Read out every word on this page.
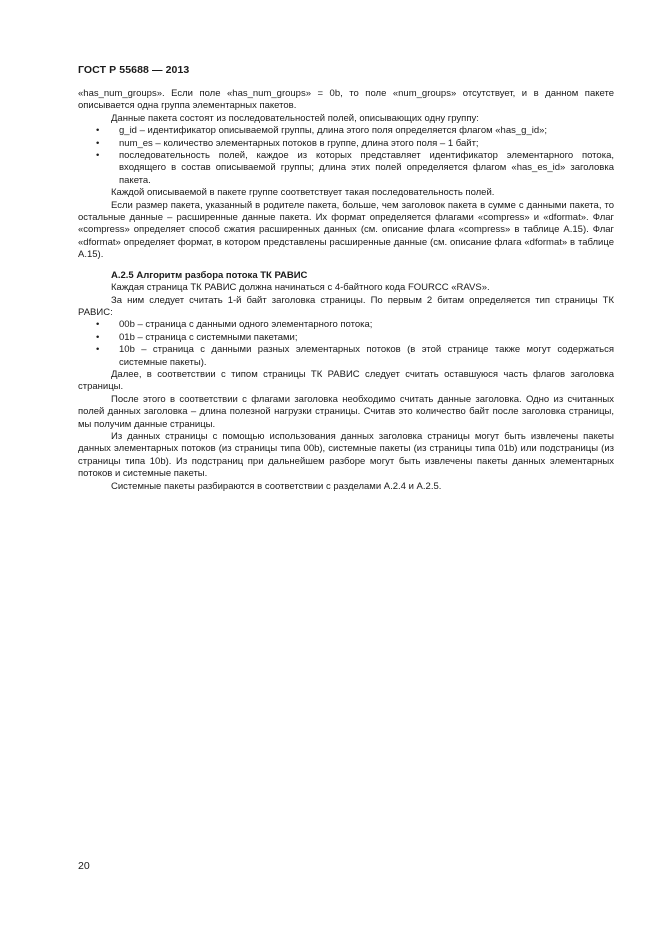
ГОСТ Р 55688 — 2013

«has_num_groups». Если поле «has_num_groups» = 0b, то поле «num_groups» отсутствует, и в данном пакете описывается одна группа элементарных пакетов.

Данные пакета состоят из последовательностей полей, описывающих одну группу:

• g_id – идентификатор описываемой группы, длина этого поля определяется флагом «has_g_id»;
• num_es – количество элементарных потоков в группе, длина этого поля – 1 байт;
• последовательность полей, каждое из которых представляет идентификатор элементарного потока, входящего в состав описываемой группы; длина этих полей определяется флагом «has_es_id» заголовка пакета.

Каждой описываемой в пакете группе соответствует такая последовательность полей.

Если размер пакета, указанный в родителе пакета, больше, чем заголовок пакета в сумме с данными пакета, то остальные данные – расширенные данные пакета. Их формат определяется флагами «compress» и «dformat». Флаг «compress» определяет способ сжатия расширенных данных (см. описание флага «compress» в таблице А.15). Флаг «dformat» определяет формат, в котором представлены расширенные данные (см. описание флага «dformat» в таблице А.15).

А.2.5 Алгоритм разбора потока ТК РАВИС

Каждая страница ТК РАВИС должна начинаться с 4-байтного кода FOURCC «RAVS».

За ним следует считать 1-й байт заголовка страницы. По первым 2 битам определяется тип страницы ТК РАВИС:

• 00b – страница с данными одного элементарного потока;
• 01b – страница с системными пакетами;
• 10b – страница с данными разных элементарных потоков (в этой странице также могут содержаться системные пакеты).

Далее, в соответствии с типом страницы ТК РАВИС следует считать оставшуюся часть флагов заголовка страницы.

После этого в соответствии с флагами заголовка необходимо считать данные заголовка. Одно из считанных полей данных заголовка – длина полезной нагрузки страницы. Считав это количество байт после заголовка страницы, мы получим данные страницы.

Из данных страницы с помощью использования данных заголовка страницы могут быть извлечены пакеты данных элементарных потоков (из страницы типа 00b), системные пакеты (из страницы типа 01b) или подстраницы (из страницы типа 10b). Из подстраниц при дальнейшем разборе могут быть извлечены пакеты данных элементарных потоков и системные пакеты.

Системные пакеты разбираются в соответствии с разделами А.2.4 и А.2.5.

20
